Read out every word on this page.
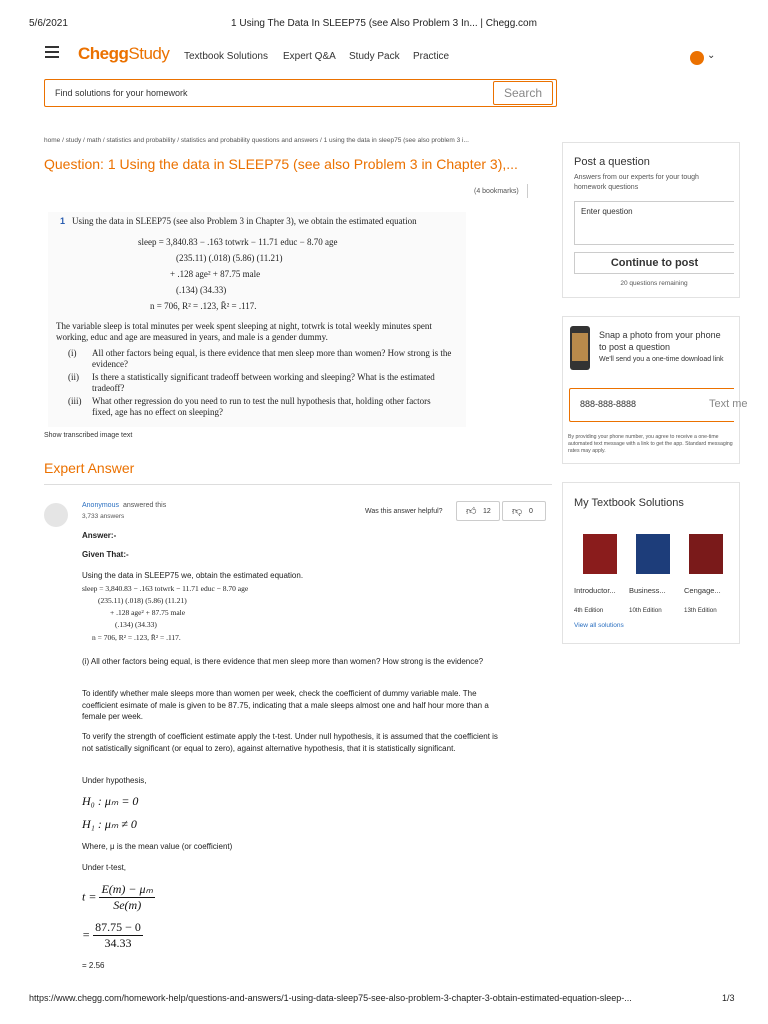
5/6/2021	1 Using The Data In SLEEP75 (see Also Problem 3 In... | Chegg.com
CheggStudy Textbook Solutions Expert Q&A Study Pack Practice	⌄
Find solutions for your homework	Search
home / study / math / statistics and probability / statistics and probability questions and answers / 1 using the data in sleep75 (see also problem 3 i...
Question: 1 Using the data in SLEEP75 (see also Problem 3 in Chapter 3),...
(4 bookmarks)
1 Using the data in SLEEP75 (see also Problem 3 in Chapter 3), we obtain the estimated equation
sleep = 3,840.83 − .163 totwrk − 11.71 educ − 8.70 age
(235.11) (.018) (5.86) (11.21)
+ .128 age² + 87.75 male
(.134) (34.33)
n = 706, R² = .123, R̄² = .117.
The variable sleep is total minutes per week spent sleeping at night, totwrk is total weekly minutes spent working, educ and age are measured in years, and male is a gender dummy.
(i) All other factors being equal, is there evidence that men sleep more than women? How strong is the evidence?
(ii) Is there a statistically significant tradeoff between working and sleeping? What is the estimated tradeoff?
(iii) What other regression do you need to run to test the null hypothesis that, holding other factors fixed, age has no effect on sleeping?
Show transcribed image text
Expert Answer
Anonymous answered this
3,733 answers
Was this answer helpful? 👍︎ 12 👎︎ 0
Answer:-
Given That:-
Using the data in SLEEP75 we, obtain the estimated equation.
sleep = 3,840.83 − .163 totwrk − 11.71 educ − 8.70 age
(235.11) (.018) (5.86) (11.21)
+ .128 age² + 87.75 male
(.134) (34.33)
n = 706, R² = .123, R̄² = .117.
(i) All other factors being equal, is there evidence that men sleep more than women? How strong is the evidence?
To identify whether male sleeps more than women per week, check the coefficient of dummy variable male. The coefficient esimate of male is given to be 87.75, indicating that a male sleeps almost one and half hour more than a female per week.
To verify the strength of coefficient estimate apply the t-test. Under null hypothesis, it is assumed that the coefficient is not satistically significant (or equal to zero), against alternative hypothesis, that it is statistically significant.
Under hypothesis,
H₀ : μₘ = 0
H₁ : μₘ ≠ 0
Where, μ is the mean value (or coefficient)
Under t-test,
$t = \frac{\text{E(m) − μₘ}}{Se(m)}$
= $\frac{87.75 - 0}{34.33}$
= 2.56
Post a question
Answers from our experts for your tough homework questions
Enter question
Continue to post
20 questions remaining
Snap a photo from your phone to post a question
We'll send you a one-time download link
888-888-8888	Text me
By providing your phone number, you agree to receive a one-time automated text message with a link to get the app. Standard messaging rates may apply.
My Textbook Solutions
Introductor... Business... Cengage...
4th Edition	10th Edition	13th Edition
View all solutions
https://www.chegg.com/homework-help/questions-and-answers/1-using-data-sleep75-see-also-problem-3-chapter-3-obtain-estimated-equation-sleep-...	1/3
